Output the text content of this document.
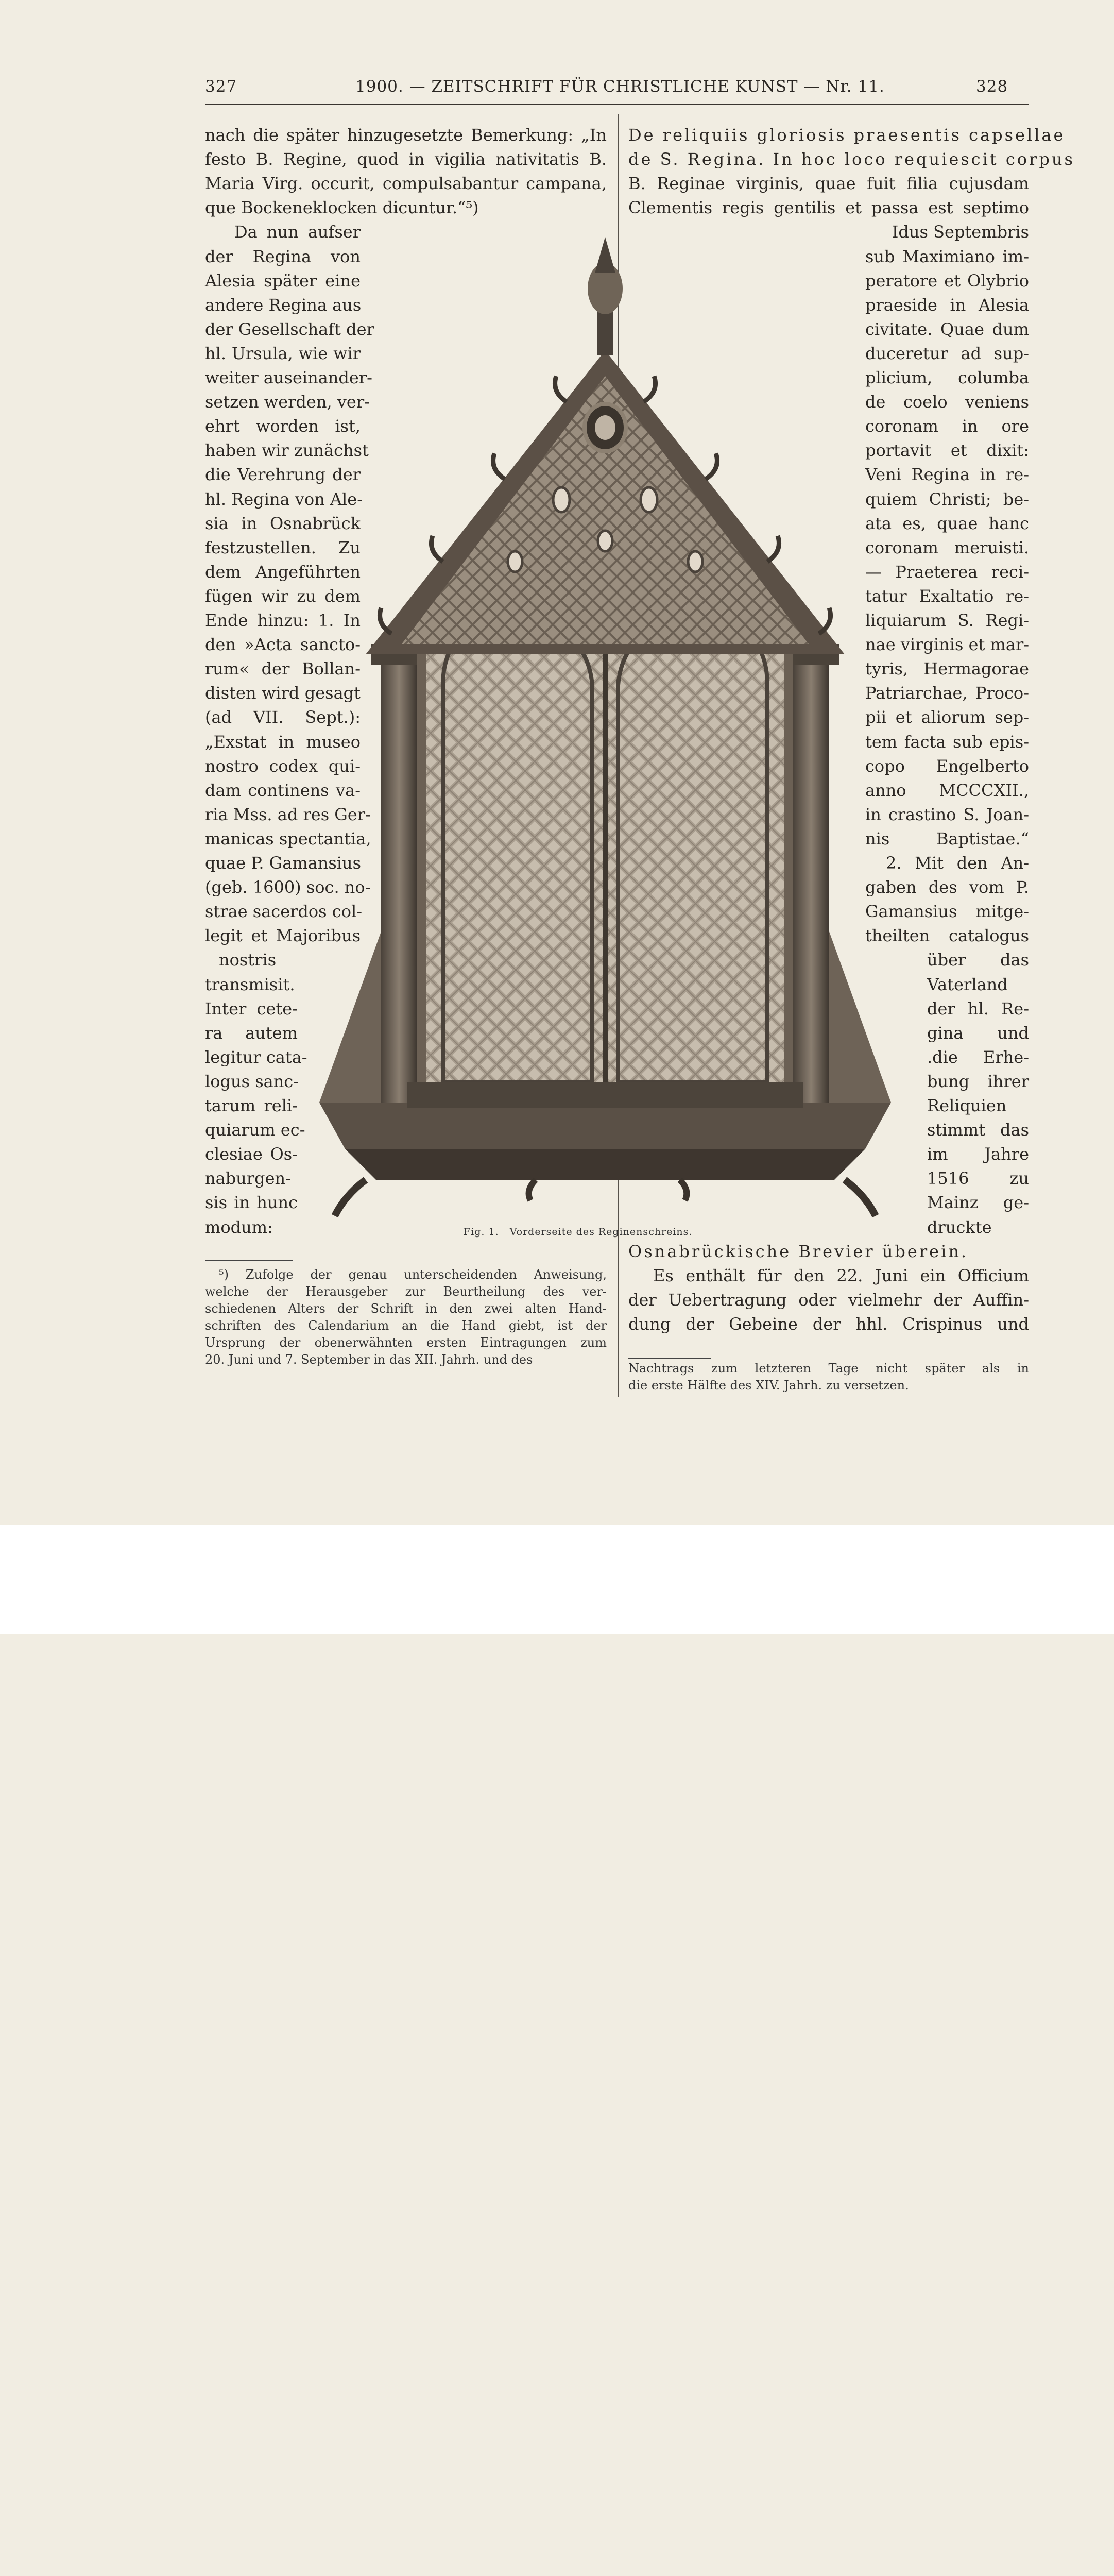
327	1900. — ZEITSCHRIFT FÜR CHRISTLICHE KUNST — Nr. 11.	328
nach die später hinzugesetzte Bemerkung: „In
festo B. Regine, quod in vigilia nativitatis B.
Maria Virg. occurit, compulsabantur campana,
que Bockeneklocken dicuntur.“⁵)
Da nun aufser
der Regina von
Alesia später eine
andere Regina aus
der Gesellschaft der
hl. Ursula, wie wir
weiter auseinander-
setzen werden, ver-
ehrt worden ist,
haben wir zunächst
die Verehrung der
hl. Regina von Ale-
sia in Osnabrück
festzustellen. Zu
dem Angeführten
fügen wir zu dem
Ende hinzu: 1. In
den »Acta sancto-
rum« der Bollan-
disten wird gesagt
(ad VII. Sept.):
„Exstat in museo
nostro codex qui-
dam continens va-
ria Mss. ad res Ger-
manicas spectantia,
quae P. Gamansius
(geb. 1600) soc. no-
strae sacerdos col-
legit et Majoribus
nostris
transmisit.
Inter cete-
ra autem
legitur cata-
logus sanc-
tarum reli-
quiarum ec-
clesiae Os-
naburgen-
sis in hunc
modum:
De reliquiis gloriosis praesentis capsellae
de S. Regina. In hoc loco requiescit corpus
B. Reginae virginis, quae fuit filia cujusdam
Clementis regis gentilis et passa est septimo
Idus Septembris
sub Maximiano im-
peratore et Olybrio
praeside in Alesia
civitate. Quae dum
duceretur ad sup-
plicium, columba
de coelo veniens
coronam in ore
portavit et dixit:
Veni Regina in re-
quiem Christi; be-
ata es, quae hanc
coronam meruisti.
— Praeterea reci-
tatur Exaltatio re-
liquiarum S. Regi-
nae virginis et mar-
tyris, Hermagorae
Patriarchae, Proco-
pii et aliorum sep-
tem facta sub epis-
copo Engelberto
anno MCCCXII.,
in crastino S. Joan-
nis Baptistae.“
2. Mit den An-
gaben des vom P.
Gamansius mitge-
theilten catalogus
über das
Vaterland
der hl. Re-
gina und
.die Erhe-
bung ihrer
Reliquien
stimmt das
im Jahre
1516 zu
Mainz ge-
druckte
Osnabrückische Brevier überein.
Es enthält für den 22. Juni ein Officium
der Uebertragung oder vielmehr der Auffin-
dung der Gebeine der hhl. Crispinus und
Fig. 1. Vorderseite des Reginenschreins.
⁵) Zufolge der genau unterscheidenden Anweisung,
welche der Herausgeber zur Beurtheilung des ver-
schiedenen Alters der Schrift in den zwei alten Hand-
schriften des Calendarium an die Hand giebt, ist der
Ursprung der obenerwähnten ersten Eintragungen zum
20. Juni und 7. September in das XII. Jahrh. und des
Nachtrags zum letzteren Tage nicht später als in
die erste Hälfte des XIV. Jahrh. zu versetzen.
